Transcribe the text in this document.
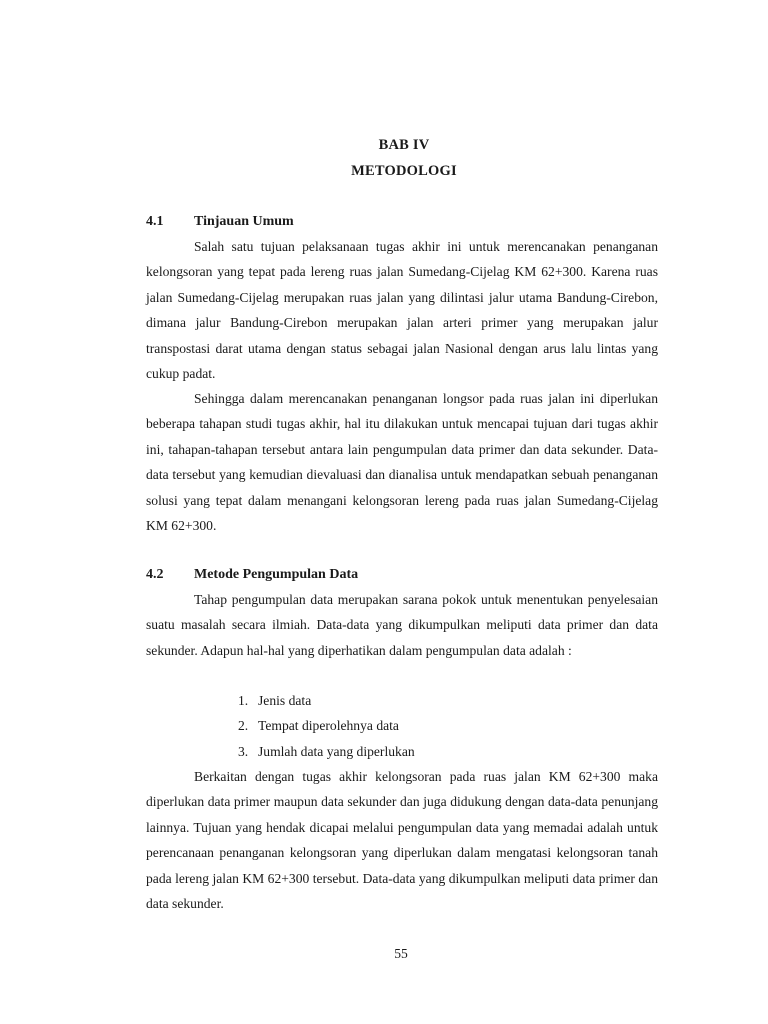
BAB IV
METODOLOGI
4.1 Tinjauan Umum

Salah satu tujuan pelaksanaan tugas akhir ini untuk merencanakan penanganan kelongsoran yang tepat pada lereng ruas jalan Sumedang-Cijelag KM 62+300. Karena ruas jalan Sumedang-Cijelag merupakan ruas jalan yang dilintasi jalur utama Bandung-Cirebon, dimana jalur Bandung-Cirebon merupakan jalan arteri primer yang merupakan jalur transpostasi darat utama dengan status sebagai jalan Nasional dengan arus lalu lintas yang cukup padat.

Sehingga dalam merencanakan penanganan longsor pada ruas jalan ini diperlukan beberapa tahapan studi tugas akhir, hal itu dilakukan untuk mencapai tujuan dari tugas akhir ini, tahapan-tahapan tersebut antara lain pengumpulan data primer dan data sekunder. Data-data tersebut yang kemudian dievaluasi dan dianalisa untuk mendapatkan sebuah penanganan solusi yang tepat dalam menangani kelongsoran lereng pada ruas jalan Sumedang-Cijelag KM 62+300.

4.2 Metode Pengumpulan Data

Tahap pengumpulan data merupakan sarana pokok untuk menentukan penyelesaian suatu masalah secara ilmiah. Data-data yang dikumpulkan meliputi data primer dan data sekunder. Adapun hal-hal yang diperhatikan dalam pengumpulan data adalah :

1. Jenis data
2. Tempat diperolehnya data
3. Jumlah data yang diperlukan

Berkaitan dengan tugas akhir kelongsoran pada ruas jalan KM 62+300 maka diperlukan data primer maupun data sekunder dan juga didukung dengan data-data penunjang lainnya. Tujuan yang hendak dicapai melalui pengumpulan data yang memadai adalah untuk perencanaan penanganan kelongsoran yang diperlukan dalam mengatasi kelongsoran tanah pada lereng jalan KM 62+300 tersebut. Data-data yang dikumpulkan meliputi data primer dan data sekunder.

55
